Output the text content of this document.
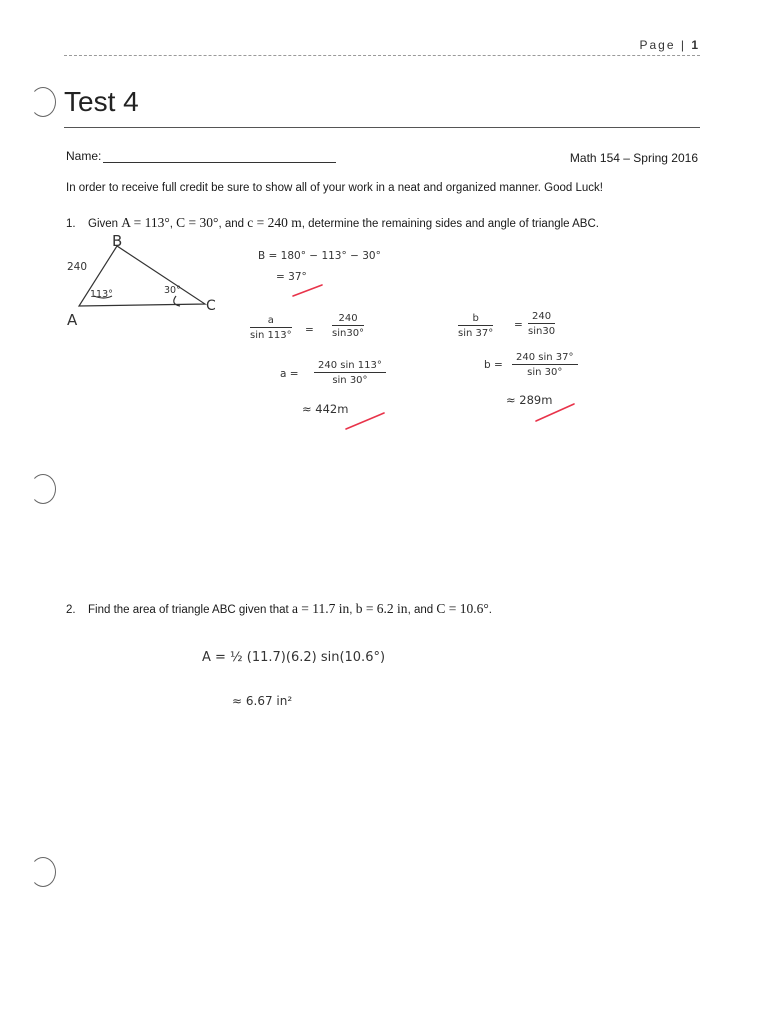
Page | 1
Test 4
Name:	Math 154 – Spring 2016
In order to receive full credit be sure to show all of your work in a neat and organized manner. Good Luck!
1. Given A = 113°, C = 30°, and c = 240 m, determine the remaining sides and angle of triangle ABC.
B
240
113°	30°
A
C
B = 180° − 113° − 30°
= 37°
$\frac{a}{\sin 113^\circ} = \frac{240}{\sin 30^\circ}$	$\frac{b}{\sin 37^\circ} = \frac{240}{\sin 30}$
$a = \frac{240 \sin 113^\circ}{\sin 30^\circ}$	$b = \frac{240 \sin 37^\circ}{\sin 30^\circ}$
≈ 442m
≈ 289m
2. Find the area of triangle ABC given that a = 11.7 in, b = 6.2 in, and C = 10.6°.
A = ½ (11.7)(6.2) sin(10.6°)
≈ 6.67 in²
